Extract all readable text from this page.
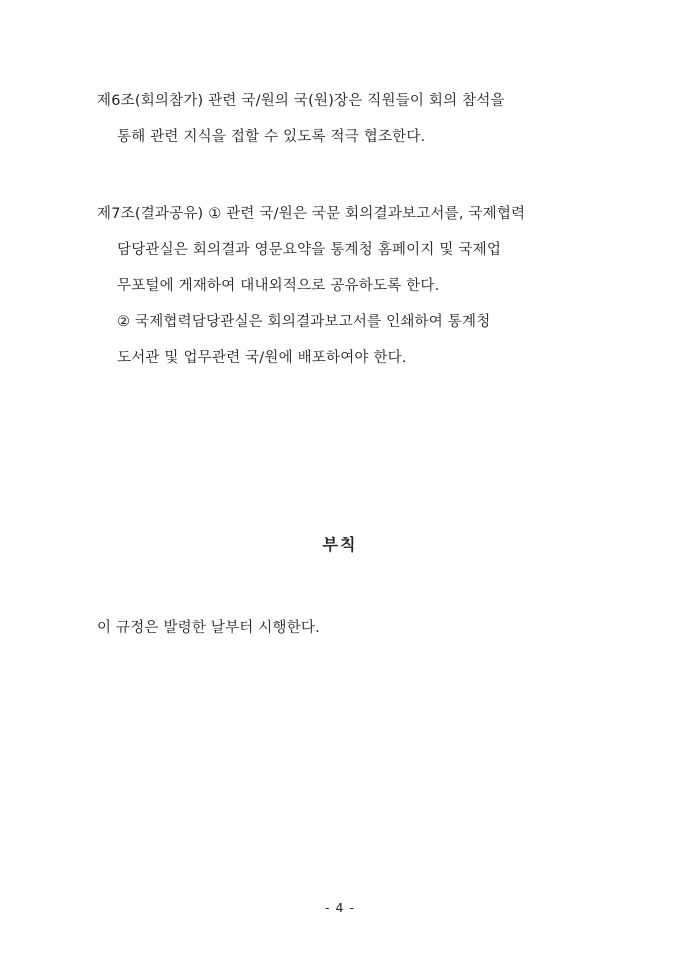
제6조(회의참가) 관련 국/원의 국(원)장은 직원들이 회의 참석을
통해 관련 지식을 접할 수 있도록 적극 협조한다.
제7조(결과공유) ① 관련 국/원은 국문 회의결과보고서를, 국제협력
담당관실은 회의결과 영문요약을 통계청 홈페이지 및 국제업
무포털에 게재하여 대내외적으로 공유하도록 한다.
② 국제협력담당관실은 회의결과보고서를 인쇄하여 통계청
도서관 및 업무관련 국/원에 배포하여야 한다.
부칙
이 규정은 발령한 날부터 시행한다.
- 4 -
